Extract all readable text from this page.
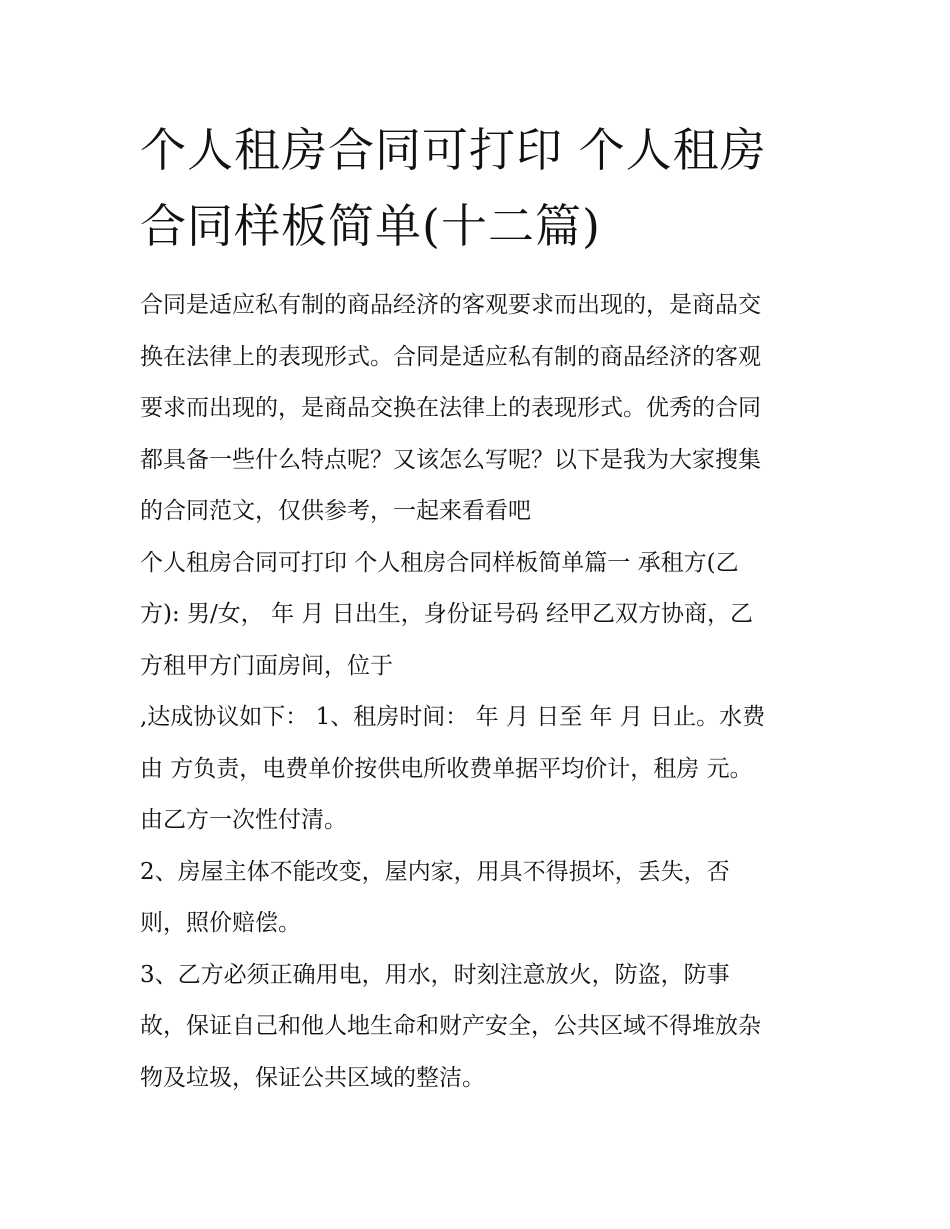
个人租房合同可打印 个人租房
合同样板简单(十二篇)

合同是适应私有制的商品经济的客观要求而出现的，是商品交
换在法律上的表现形式。合同是适应私有制的商品经济的客观
要求而出现的，是商品交换在法律上的表现形式。优秀的合同
都具备一些什么特点呢？又该怎么写呢？以下是我为大家搜集
的合同范文，仅供参考，一起来看看吧

个人租房合同可打印 个人租房合同样板简单篇一 承租方(乙
方): 男/女， 年 月 日出生，身份证号码 经甲乙双方协商，乙
方租甲方门面房间，位于

,达成协议如下： 1、租房时间： 年 月 日至 年 月 日止。水费
由 方负责，电费单价按供电所收费单据平均价计，租房 元。
由乙方一次性付清。

2、房屋主体不能改变，屋内家，用具不得损坏，丢失，否
则，照价赔偿。

3、乙方必须正确用电，用水，时刻注意放火，防盗，防事
故，保证自己和他人地生命和财产安全，公共区域不得堆放杂
物及垃圾，保证公共区域的整洁。
